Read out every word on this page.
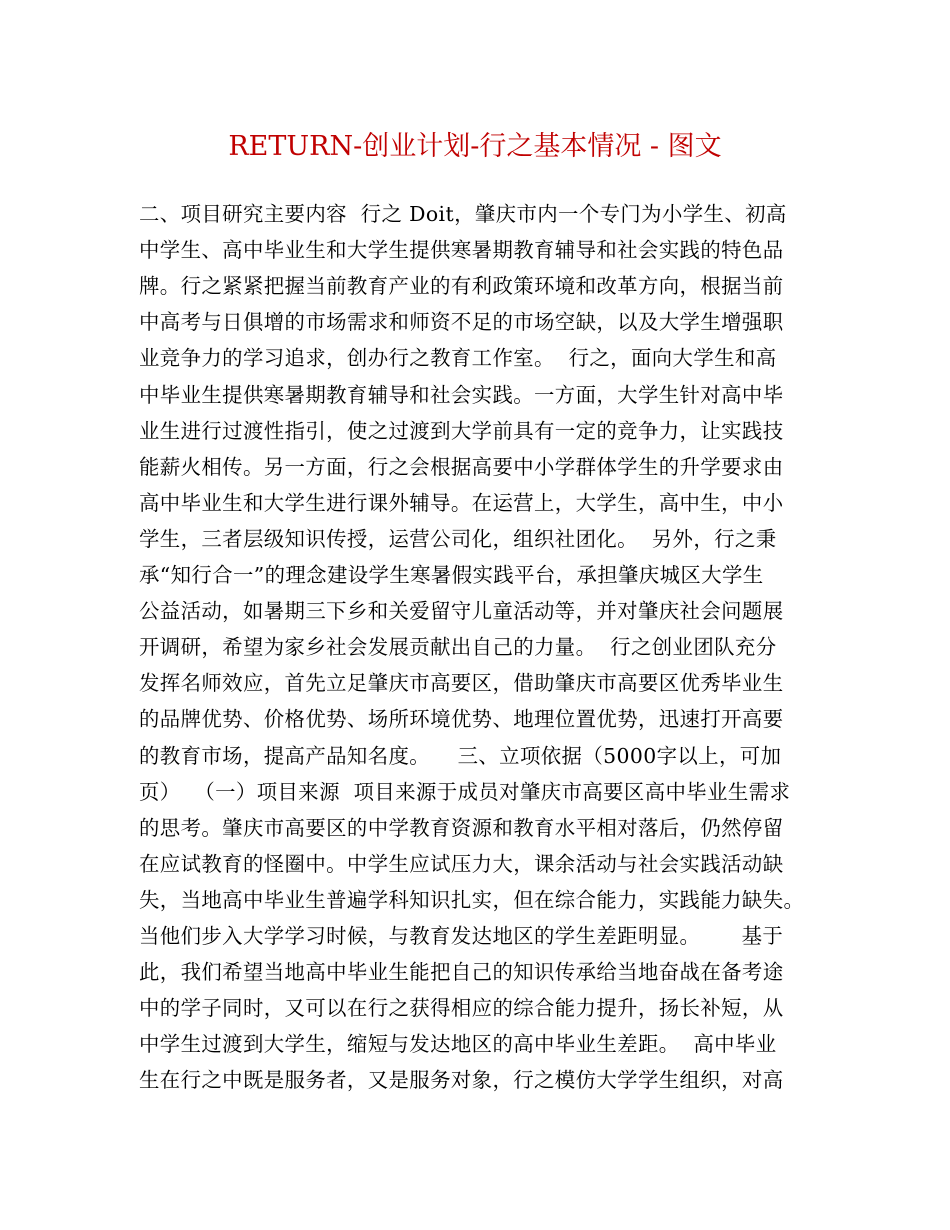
RETURN-创业计划-行之基本情况 - 图文
二、项目研究主要内容  行之 Doit，肇庆市内一个专门为小学生、初高
中学生、高中毕业生和大学生提供寒暑期教育辅导和社会实践的特色品
牌。行之紧紧把握当前教育产业的有利政策环境和改革方向，根据当前
中高考与日俱增的市场需求和师资不足的市场空缺，以及大学生增强职
业竞争力的学习追求，创办行之教育工作室。  行之，面向大学生和高
中毕业生提供寒暑期教育辅导和社会实践。一方面，大学生针对高中毕
业生进行过渡性指引，使之过渡到大学前具有一定的竞争力，让实践技
能薪火相传。另一方面，行之会根据高要中小学群体学生的升学要求由
高中毕业生和大学生进行课外辅导。在运营上，大学生，高中生，中小
学生，三者层级知识传授，运营公司化，组织社团化。  另外，行之秉
承“知行合一”的理念建设学生寒暑假实践平台，承担肇庆城区大学生
公益活动，如暑期三下乡和关爱留守儿童活动等，并对肇庆社会问题展
开调研，希望为家乡社会发展贡献出自己的力量。  行之创业团队充分
发挥名师效应，首先立足肇庆市高要区，借助肇庆市高要区优秀毕业生
的品牌优势、价格优势、场所环境优势、地理位置优势，迅速打开高要
的教育市场，提高产品知名度。    三、立项依据（5000字以上，可加
页）  （一）项目来源  项目来源于成员对肇庆市高要区高中毕业生需求
的思考。肇庆市高要区的中学教育资源和教育水平相对落后，仍然停留
在应试教育的怪圈中。中学生应试压力大，课余活动与社会实践活动缺
失，当地高中毕业生普遍学科知识扎实，但在综合能力，实践能力缺失。
当他们步入大学学习时候，与教育发达地区的学生差距明显。      基于
此，我们希望当地高中毕业生能把自己的知识传承给当地奋战在备考途
中的学子同时，又可以在行之获得相应的综合能力提升，扬长补短，从
中学生过渡到大学生，缩短与发达地区的高中毕业生差距。  高中毕业
生在行之中既是服务者，又是服务对象，行之模仿大学学生组织，对高
